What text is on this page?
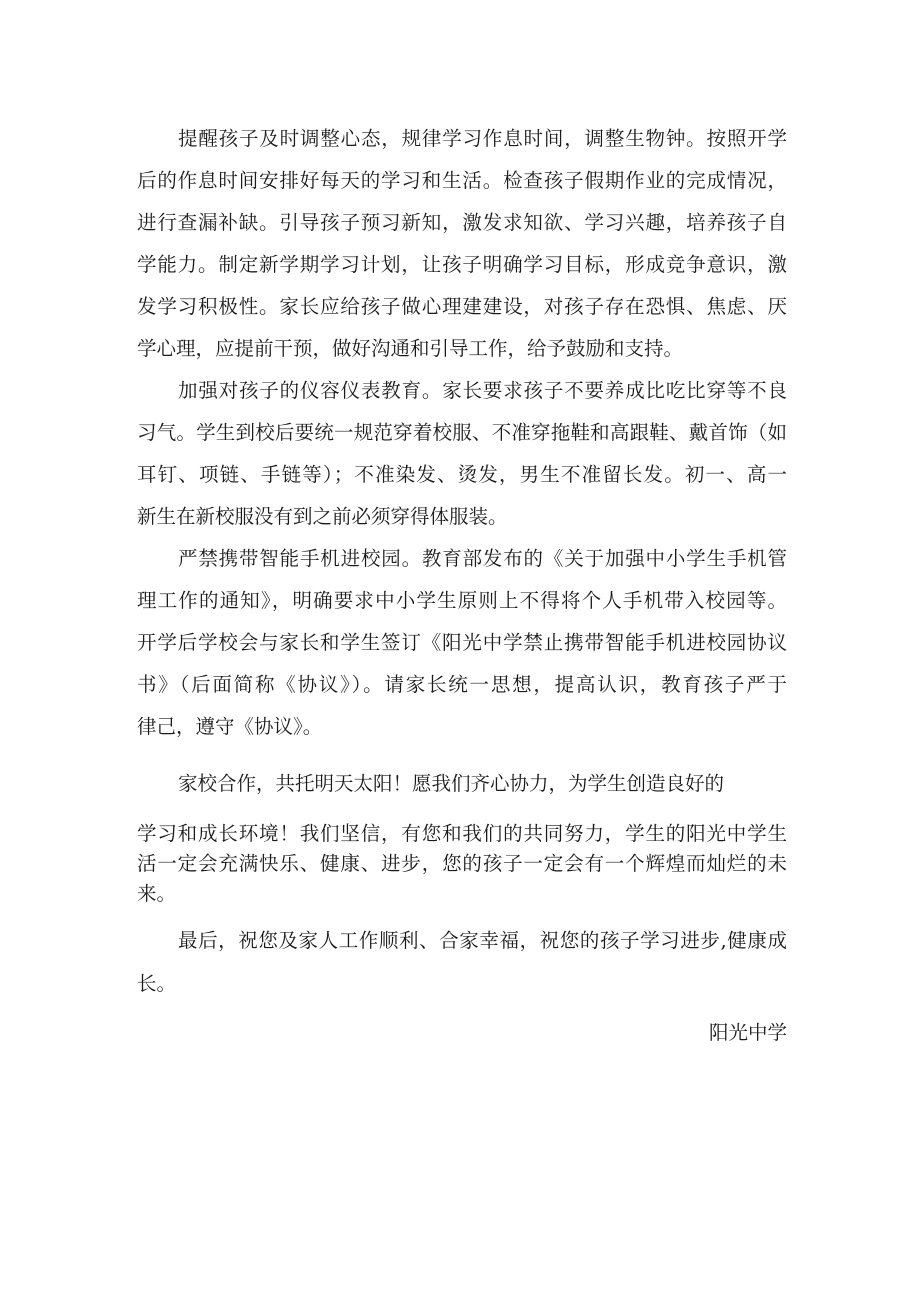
提醒孩子及时调整心态，规律学习作息时间，调整生物钟。按照开学
后的作息时间安排好每天的学习和生活。检查孩子假期作业的完成情况，
进行查漏补缺。引导孩子预习新知，激发求知欲、学习兴趣，培养孩子自
学能力。制定新学期学习计划，让孩子明确学习目标，形成竞争意识，激
发学习积极性。家长应给孩子做心理建建设，对孩子存在恐惧、焦虑、厌
学心理，应提前干预，做好沟通和引导工作，给予鼓励和支持。
加强对孩子的仪容仪表教育。家长要求孩子不要养成比吃比穿等不良
习气。学生到校后要统一规范穿着校服、不准穿拖鞋和高跟鞋、戴首饰（如
耳钉、项链、手链等）；不准染发、烫发，男生不准留长发。初一、高一
新生在新校服没有到之前必须穿得体服装。
严禁携带智能手机进校园。教育部发布的《关于加强中小学生手机管
理工作的通知》，明确要求中小学生原则上不得将个人手机带入校园等。
开学后学校会与家长和学生签订《阳光中学禁止携带智能手机进校园协议
书》（后面简称《协议》）。请家长统一思想，提高认识，教育孩子严于
律己，遵守《协议》。
家校合作，共托明天太阳！愿我们齐心协力，为学生创造良好的
学习和成长环境！我们坚信，有您和我们的共同努力，学生的阳光中学生
活一定会充满快乐、健康、进步，您的孩子一定会有一个辉煌而灿烂的未
来。
最后，祝您及家人工作顺利、合家幸福，祝您的孩子学习进步,健康成
长。
阳光中学
